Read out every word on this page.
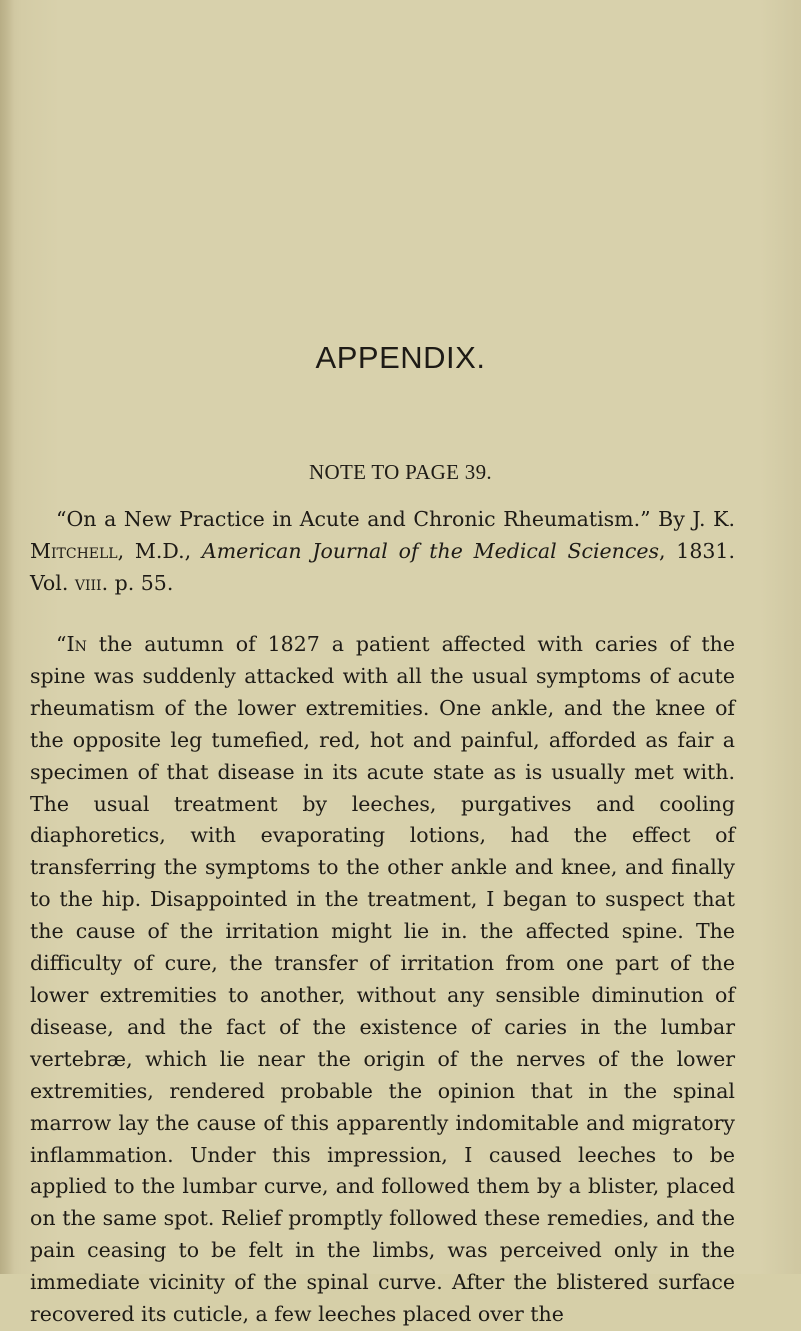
APPENDIX.
NOTE TO PAGE 39.

“On a New Practice in Acute and Chronic Rheumatism.” By J. K. Mitchell, M.D., American Journal of the Medical Sciences, 1831. Vol. viii. p. 55.

“In the autumn of 1827 a patient affected with caries of the spine was suddenly attacked with all the usual symptoms of acute rheumatism of the lower extremities. One ankle, and the knee of the opposite leg tumefied, red, hot and painful, afforded as fair a specimen of that disease in its acute state as is usually met with. The usual treatment by leeches, purgatives and cooling diaphoretics, with evaporating lotions, had the effect of transferring the symptoms to the other ankle and knee, and finally to the hip. Disappointed in the treatment, I began to suspect that the cause of the irritation might lie in. the affected spine. The difficulty of cure, the transfer of irritation from one part of the lower extremities to another, without any sensible diminution of disease, and the fact of the existence of caries in the lumbar vertebræ, which lie near the origin of the nerves of the lower extremities, rendered probable the opinion that in the spinal marrow lay the cause of this apparently indomitable and migratory inflammation. Under this impression, I caused leeches to be applied to the lumbar curve, and followed them by a blister, placed on the same spot. Relief promptly followed these remedies, and the pain ceasing to be felt in the limbs, was perceived only in the immediate vicinity of the spinal curve. After the blistered surface recovered its cuticle, a few leeches placed over the
